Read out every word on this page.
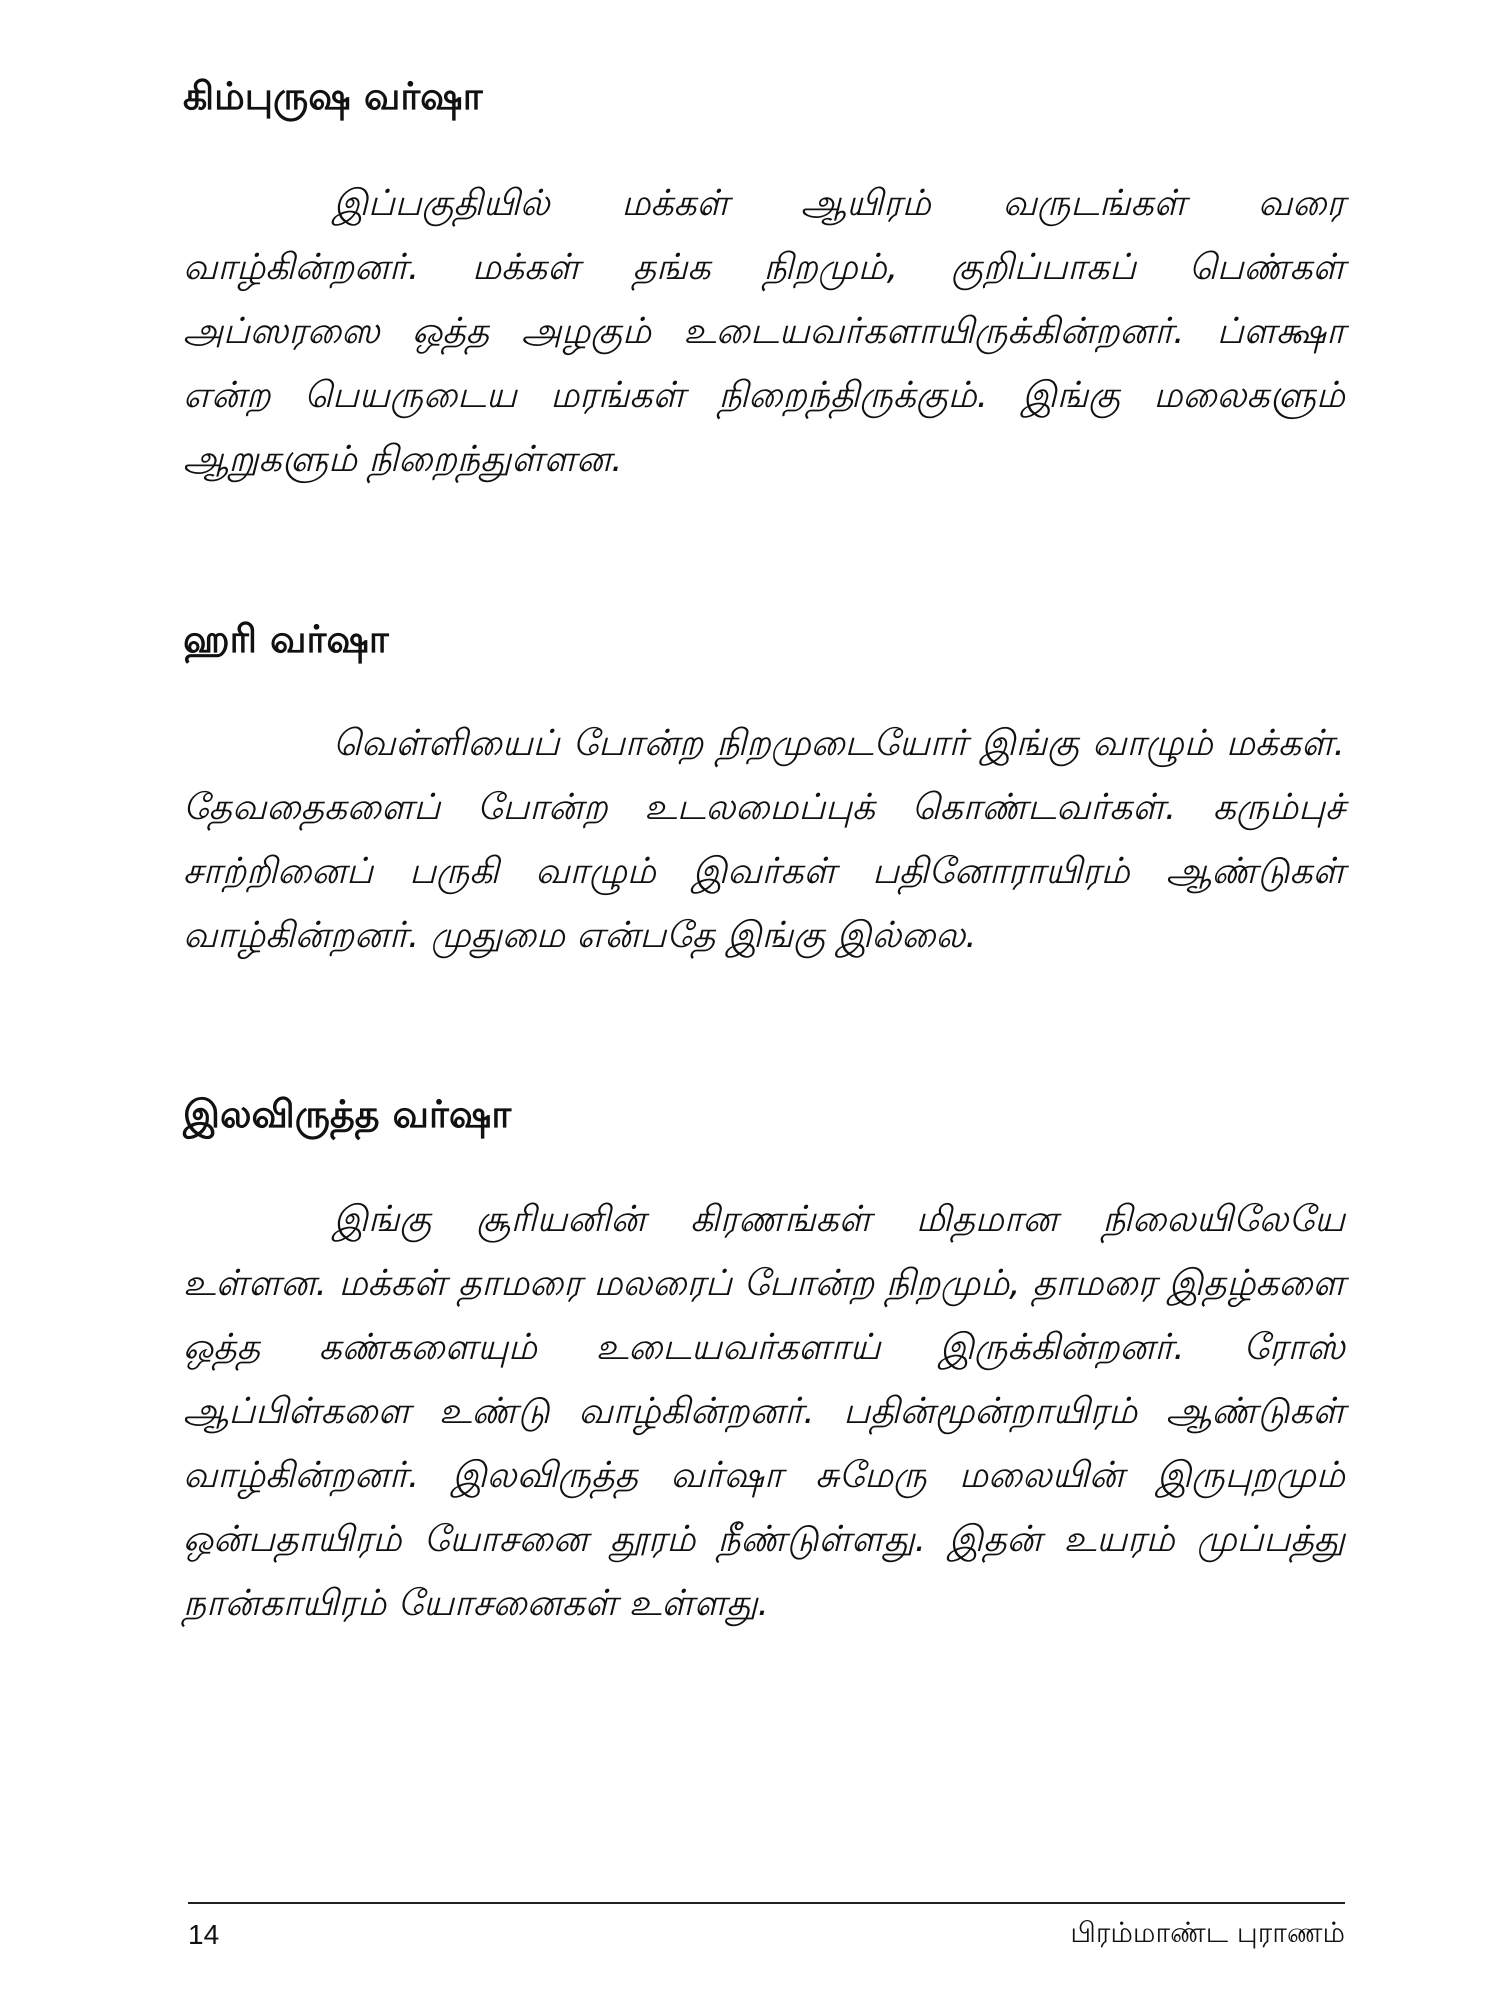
கிம்புருஷ வர்ஷா

இப்பகுதியில் மக்கள் ஆயிரம் வருடங்கள் வரை வாழ்கின்றனர். மக்கள் தங்க நிறமும், குறிப்பாகப் பெண்கள் அப்ஸரஸை ஒத்த அழகும் உடையவர்களாயிருக்கின்றனர். ப்ளக்ஷா என்ற பெயருடைய மரங்கள் நிறைந்திருக்கும். இங்கு மலைகளும் ஆறுகளும் நிறைந்துள்ளன.

ஹரி வர்ஷா

வெள்ளியைப் போன்ற நிறமுடையோர் இங்கு வாழும் மக்கள். தேவதைகளைப் போன்ற உடலமைப்புக் கொண்டவர்கள். கரும்புச் சாற்றினைப் பருகி வாழும் இவர்கள் பதினோராயிரம் ஆண்டுகள் வாழ்கின்றனர். முதுமை என்பதே இங்கு இல்லை.

இலவிருத்த வர்ஷா

இங்கு சூரியனின் கிரணங்கள் மிதமான நிலையிலேயே உள்ளன. மக்கள் தாமரை மலரைப் போன்ற நிறமும், தாமரை இதழ்களை ஒத்த கண்களையும் உடையவர்களாய் இருக்கின்றனர். ரோஸ் ஆப்பிள்களை உண்டு வாழ்கின்றனர். பதின்மூன்றாயிரம் ஆண்டுகள் வாழ்கின்றனர். இலவிருத்த வர்ஷா சுமேரு மலையின் இருபுறமும் ஒன்பதாயிரம் யோசனை தூரம் நீண்டுள்ளது. இதன் உயரம் முப்பத்து நான்காயிரம் யோசனைகள் உள்ளது.

14	பிரம்மாண்ட புராணம்
